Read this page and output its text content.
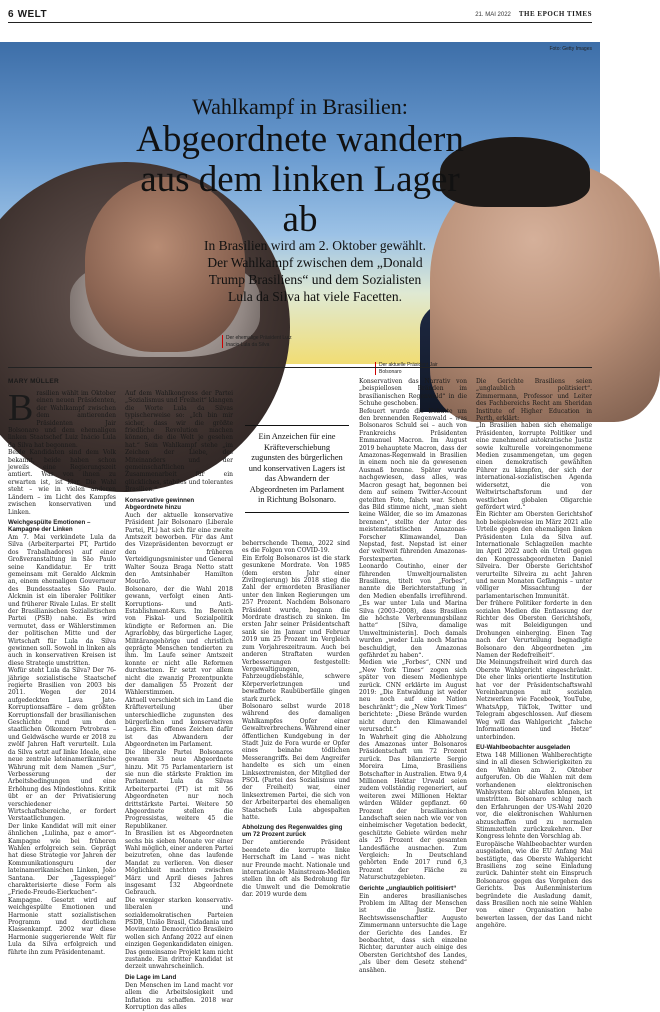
6 WELT	21. MAI 2022 THE EPOCH TIMES
Foto: Getty Images
Wahlkampf in Brasilien:
Abgeordnete wandern aus dem linken Lager ab
In Brasilien wird am 2. Oktober gewählt. Der Wahlkampf zwischen dem „Donald Trump Brasiliens“ und dem Sozialisten Lula da Silva hat viele Facetten.
Der ehemalige Präsident Luiz Inacio Lula da Silva
Der aktuelle Präsident Jair Bolsonaro
MARY MÜLLER

Brasilien wählt im Oktober einen neuen Präsidenten, der Wahlkampf zwischen dem amtierenden Präsidenten Jair Bolsonaro und dem ehemaligen linken Staatschef Luiz Inácio Lula da Silva hat begonnen.

Beide Kandidaten sind dem Volk bekannt, beide haben schon jeweils eine Regierungszeit amtiert. Was von ihnen zu erwarten ist, ist klar. Die Wahl steht – wie in vielen anderen Ländern – im Licht des Kampfes zwischen konservativen und Linken.

Weichgespülte Emotionen – Kampagne der Linken

Am 7. Mai verkündete Lula da Silva (Arbeiterpartei PT, Partido dos Trabalhadores) auf einer Großveranstaltung in São Paulo seine Kandidatur. Er tritt gemeinsam mit Geraldo Alckmin an, einem ehemaligen Gouverneur des Bundesstaates São Paulo. Alckmin ist ein liberaler Politiker und früherer Rivale Lulas. Er stellt der Brasilianischen Sozialistischen Partei (PSB) nahe. Es wird vermutet, dass er Wählerstimmen der politischen Mitte und der Wirtschaft für Lula da Silva gewinnen soll. Sowohl in linken als auch in konservativen Kreisen ist diese Strategie umstritten.

Wofür steht Lula da Silva? Der 76-jährige sozialistische Staatschef regierte Brasilien von 2003 bis 2011. Wegen der 2014 aufgedeckten Lava Jato-Korruptionsaffäre – dem größten Korruptionsfall der brasilianischen Geschichte rund um den staatlichen Ölkonzern Petrobras – und Geldwäsche wurde er 2018 zu zwölf Jahren Haft verurteilt. Lula da Silva setzt auf linke Ideale, eine neue zentrale lateinamerikanische Währung mit dem Namen „Sur“, Verbesserung der Arbeitsbedingungen und eine Erhöhung des Mindestlohns. Kritik übt er an der Privatisierung verschiedener Wirtschaftsbereiche, er fordert Verstaatlichungen.

Der linke Kandidat will mit einer ähnlichen „Lulinha, paz e amor“-Kampagne wie bei früheren Wahlen erfolgreich sein. Geprägt hat diese Strategie vor Jahren der Kommunikationsguru der lateinamerikanischen Linken, João Santana. Der „Tagesspiegel“ charakterisierte diese Form als „Friede-Freude-Eierkuchen“-Kampagne. Gesetzt wird auf weichgespülte Emotionen und Harmonie statt sozialistischen Programm und deutlichem Klassenkampf. 2002 war diese Harmonie suggerierende Welt für Lula da Silva erfolgreich und führte ihn zum Präsidentenamt.

Auf dem Wahlkongress der Partei „Sozialismus und Freiheit“ klangen die Worte Lula da Silvas typischerweise so: „Ich bin mir sicher, dass wir die größte friedliche Revolution machen können, die die Welt je gesehen hat.“ Sein Wahlkampf stehe „im Zeichen der Liebe, des Miteinanders und der gemeinschaftlichen Zusammenarbeit für ein glückliches, stabiles und tolerantes Brasilien.“

Konservative gewinnen Abgeordnete hinzu

Auch der aktuelle konservative Präsident Jair Bolsonaro (Liberale Partei, PL) hat sich für eine zweite Amtszeit beworben. Für das Amt des Vizepräsidenten bevorzugt er den früheren Verteidigungsminister und General Walter Souza Braga Netto statt den Amtsinhaber Hamilton Mourão.

Bolsonaro, der die Wahl 2018 gewann, verfolgt einen Anti-Korruptions- und Anti-Establishment-Kurs. Im Bereich von Fiskal- und Sozialpolitik kündigte er Reformen an. Die Agrarlobby, das bürgerliche Lager, Militärangehörige und christlich geprägte Menschen tendierten zu ihm. Im Laufe seiner Amtszeit konnte er nicht alle Reformen durchsetzen. Er setzt vor allem nicht die zwanzig Prozentpunkte der damaligen 55 Prozent der Wählerstimmen.

Aktuell verschiebt sich im Land die Kräfteverteilung über unterschiedliche zugunsten des bürgerlichen und konservativen Lagers. Ein offenes Zeichen dafür ist das Abwandern der Abgeordneten im Parlament.

Die liberale Partei Bolsonaros gewann 33 neue Abgeordnete hinzu. Mit 75 Parlamentariern ist sie nun die stärkste Fraktion im Parlament. Lula da Silvas Arbeiterpartei (PT) ist mit 56 Abgeordneten nur noch drittstärkste Partei. Weitere 50 Abgeordnete stellen die Progressistas, weitere 45 die Republikaner.

In Brasilien ist es Abgeordneten sechs bis sieben Monate vor einer Wahl möglich, einer anderen Partei beizutreten, ohne das laufende Mandat zu verlieren. Von dieser Möglichkeit machten zwischen März und April dieses Jahres insgesamt 132 Abgeordnete Gebrauch.

Die weniger starken konservativ-liberalen und sozialdemokratischen Parteien PSDB, União Brasil, Cidadania und Movimento Democrático Brasileiro wollen sich Anfang 2022 auf einen einzigen Gegenkandidaten einigen. Das gemeinsame Projekt kam nicht zustande. Ein dritter Kandidat ist derzeit unwahrscheinlich.

Die Lage im Land

Den Menschen im Land macht vor allem die Arbeitslosigkeit und Inflation zu schaffen. 2018 war Korruption das alles

Ein Anzeichen für eine Kräfteverschiebung zugunsten des bürgerlichen und konservativen Lagers ist das Abwandern der Abgeordneten im Parlament in Richtung Bolsonaro.

beherrschende Thema, 2022 sind es die Folgen von COVID-19.

Ein Erfolg Bolsonaros ist die stark gesunkene Mordrate. Von 1985 (dem ersten Jahr einer Zivilregierung) bis 2018 stieg die Zahl der ermordeten Brasilianer unter den linken Regierungen um 257 Prozent. Nachdem Bolsonaro Präsident wurde, begann die Mordrate drastisch zu sinken. Im ersten Jahr seiner Präsidentschaft sank sie im Januar und Februar 2019 um 25 Prozent im Vergleich zum Vorjahreszeitraum. Auch bei anderen Straftaten wurden Verbesserungen festgestellt: Vergewaltigungen, Fahrzeugdiebstähle, schwere Körperverletzungen und bewaffnete Raubüberfälle gingen stark zurück.

Bolsonaro selbst wurde 2018 während des damaligen Wahlkampfes Opfer einer Gewaltverbrechens. Während einer öffentlichen Kundgebung in der Stadt Juiz de Fora wurde er Opfer eines beinahe tödlichen Messerangriffs. Bei dem Angreifer handelte es sich um einen Linksextremisten, der Mitglied der PSOL (Partei des Sozialismus und der Freiheit) war, einer linksextremen Partei, die sich von der Arbeiterpartei des ehemaligen Staatschefs Lula abgespalten hatte.

Abholzung des Regenwaldes ging um 72 Prozent zurück

Der amtierende Präsident beendete die korrupte linke Herrschaft im Land – was nicht nur Freunde macht. Nationale und internationale Mainstream-Medien stellen ihn oft als Bedrohung für die Umwelt und die Demokratie dar. 2019 wurde dem

Konservativen das Narrativ von „beispiellosen Bränden im brasilianischen Regenwald“ in die Schuhe geschoben.

Befeuert wurde die Debatte um den brennenden Regenwald – was Bolsonaros Schuld sei – auch von Frankreichs Präsidenten Emmanuel Macron. Im August 2019 behauptete Macron, dass der Amazonas-Regenwald in Brasilien in einem noch nie da gewesenen Ausmaß brenne. Später wurde nachgewiesen, dass alles, was Macron gesagt hat, begonnen bei dem auf seinem Twitter-Account geteilten Foto, falsch war. Schon das Bild stimme nicht, „man sieht keine Wälder, die so im Amazonas brennen“, stellte der Autor des meistenstatistischen Amazonas-Forscher Klimawandel, Dan Nepstad, fest. Nepstad ist einer der weltweit führenden Amazonas-Forstexperten.

Leonardo Coutinho, einer der führenden Umweltjournalisten Brasiliens, titelt von „Forbes“, nannte die Berichterstattung in den Medien ebenfalls irreführend. „Es war unter Lula und Marina Silva (2003–2008), dass Brasilien die höchste Verbrennungsbilanz hatte“ [Silva, damalige Umweltministerin]. Doch damals wurden „weder Lula noch Marina beschuldigt, den Amazonas gefährdet zu haben“.

Medien wie „Forbes“, CNN und „New York Times“ zogen sich später von diesem Medienhype zurück. CNN erklärte im August 2019: „Die Entwaldung ist weder neu noch auf eine Nation beschränkt“; die „New York Times“ berichtete: „Diese Brände wurden nicht durch den Klimawandel verursacht.“

In Wahrheit ging die Abholzung des Amazonas unter Bolsonaros Präsidentschaft um 72 Prozent zurück. Das bilanzierte Sergio Moreira Lima, Brasiliens Botschafter in Australien. Etwa 9,4 Millionen Hektar Urwald seien zudem vollständig regeneriert, auf weiteren zwei Millionen Hektar würden Wälder gepflanzt. 60 Prozent der brasilianischen Landschaft seien nach wie vor von einheimischer Vegetation bedeckt, geschützte Gebiete würden mehr als 25 Prozent der gesamten Landesfläche ausmachen. Zum Vergleich: In Deutschland gehörten Ende 2017 rund 6,3 Prozent der Fläche zu Naturschutzgebieten.

Gerichte „unglaublich politisiert“

Ein anderes brasilianisches Problem im Alltag der Menschen ist die Justiz. Der Rechtswissenschaftler Augusto Zimmermann untersuchte die Lage der Gerichte des Landes. Er beobachtet, dass sich einzelne Richter, darunter auch einige des Obersten Gerichtshof des Landes, „als über dem Gesetz stehend“ ansähen.

Die Gerichte Brasiliens seien „unglaublich politisiert“. Zimmermann, Professor und Leiter des Fachbereichs Recht am Sheridan Institute of Higher Education in Perth, erklärt:

„In Brasilien haben sich ehemalige Präsidenten, korrupte Politiker und eine zunehmend autokratische Justiz sowie kulturelle voreingenommene Medien zusammengetan, um gegen einen demokratisch gewählten Führer zu kämpfen, der sich der international-sozialistischen Agenda widersetzt, die von Weltwirtschaftsforum und der westlichen globalen Oligarchie gefördert wird.“

Ein Richter am Obersten Gerichtshof hob beispielsweise im März 2021 alle Urteile gegen den ehemaligen linken Präsidenten Lula da Silva auf. Internationale Schlagzeilen machte im April 2022 auch ein Urteil gegen den Kongressabgeordneten Daniel Silveira. Der Oberste Gerichtshof verurteilte Silveira zu acht Jahren und neun Monaten Gefängnis – unter völliger Missachtung der parlamentarischen Immunität.

Der frühere Politiker forderte in den sozialen Medien die Entlassung der Richter des Obersten Gerichtshofs, was mit Beleidigungen und Drohungen einherging. Einen Tag nach der Verurteilung begnadigte Bolsonaro den Abgeordneten „im Namen der Redefreiheit“.

Die Meinungsfreiheit wird durch das Oberste Wahlgericht eingeschränkt. Die eher links orientierte Institution hat vor der Präsidentschaftswahl Vereinbarungen mit sozialen Netzwerken wie Facebook, YouTube, WhatsApp, TikTok, Twitter und Telegram abgeschlossen. Auf diesem Weg will das Wahlgericht „falsche Informationen und Hetze“ unterbinden.

EU-Wahlbeobachter ausgeladen

Etwa 148 Millionen Wahlberechtigte sind in all diesen Schwierigkeiten zu den Wahlen am 2. Oktober aufgerufen. Ob die Wahlen mit dem vorhandenen elektronischen Wahlsystem fair ablaufen können, ist umstritten. Bolsonaro schlug nach den Erfahrungen der US-Wahl 2020 vor, die elektronischen Wahlurnen abzuschaffen und zu normalen Stimmzetteln zurückzukehren. Der Kongress lehnte den Vorschlag ab.

Europäische Wahlbeobachter wurden ausgeladen, wie die EU Anfang Mai bestätigte, das Oberste Wahlgericht Brasiliens zog seine Einladung zurück. Dahinter steht ein Einspruch Bolsonaros gegen das Vorgehen des Gerichts. Das Außenministerium begründete die Ausladung damit, dass Brasilien noch nie seine Wahlen von einer Organisation habe bewerten lassen, der das Land nicht angehöre.
